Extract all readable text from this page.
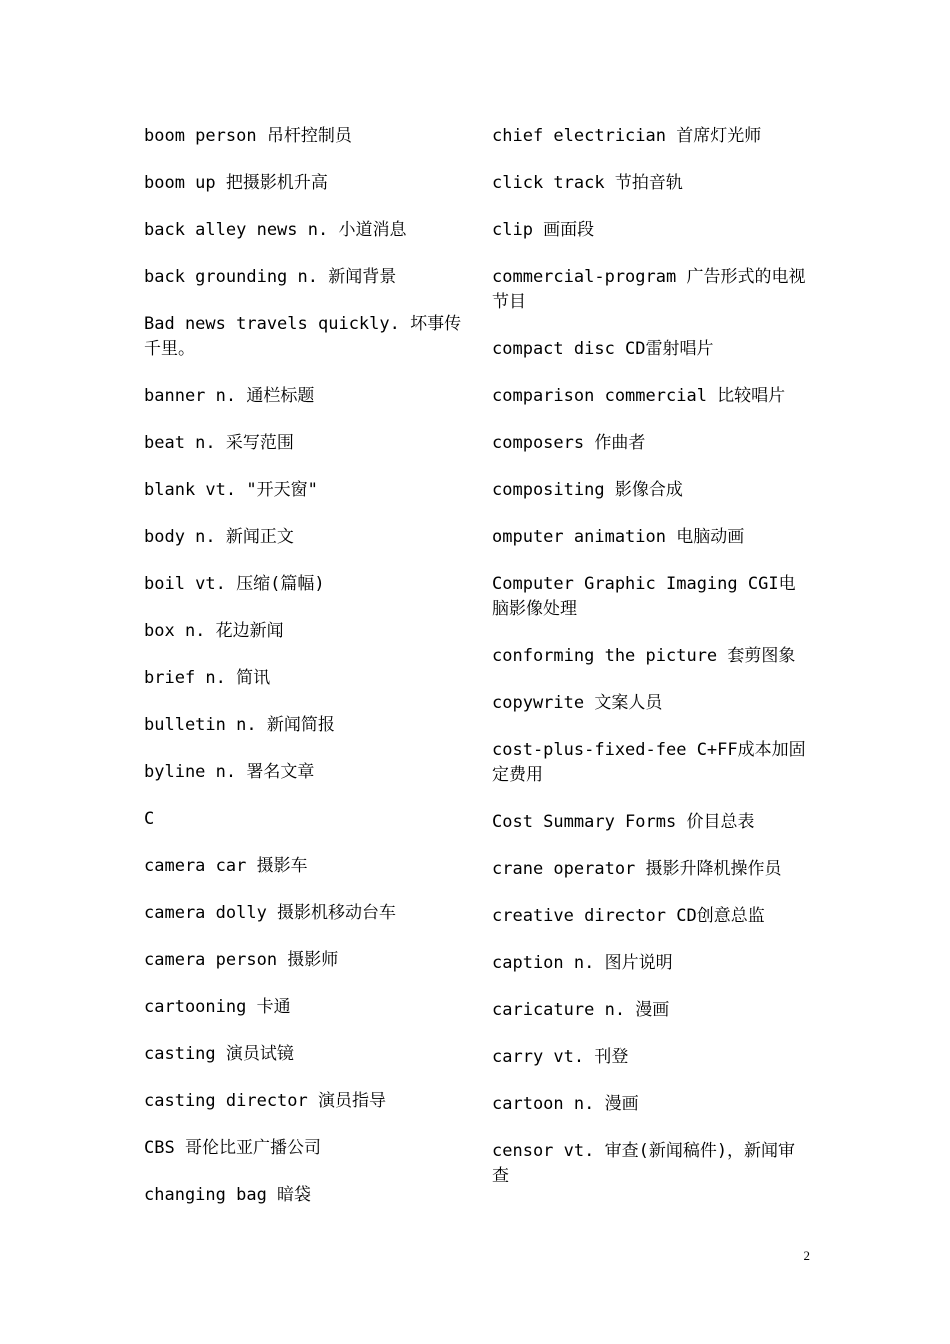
boom person 吊杆控制员
boom up 把摄影机升高
back alley news n. 小道消息
back grounding n. 新闻背景
Bad news travels quickly. 坏事传千里。
banner n. 通栏标题
beat n. 采写范围
blank vt. "开天窗"
body n. 新闻正文
boil vt. 压缩(篇幅)
box n. 花边新闻
brief n. 简讯
bulletin n. 新闻简报
byline n. 署名文章
C
camera car 摄影车
camera dolly 摄影机移动台车
camera person 摄影师
cartooning 卡通
casting 演员试镜
casting director 演员指导
CBS 哥伦比亚广播公司
changing bag 暗袋
chief electrician 首席灯光师
click track 节拍音轨
clip 画面段
commercial-program 广告形式的电视节目
compact disc CD雷射唱片
comparison commercial 比较唱片
composers 作曲者
compositing 影像合成
omputer animation 电脑动画
Computer Graphic Imaging CGI电脑影像处理
conforming the picture 套剪图象
copywrite 文案人员
cost-plus-fixed-fee C+FF成本加固定费用
Cost Summary Forms 价目总表
crane operator 摄影升降机操作员
creative director CD创意总监
caption n. 图片说明
caricature n. 漫画
carry vt. 刊登
cartoon n. 漫画
censor vt. 审查(新闻稿件)，新闻审查
2
